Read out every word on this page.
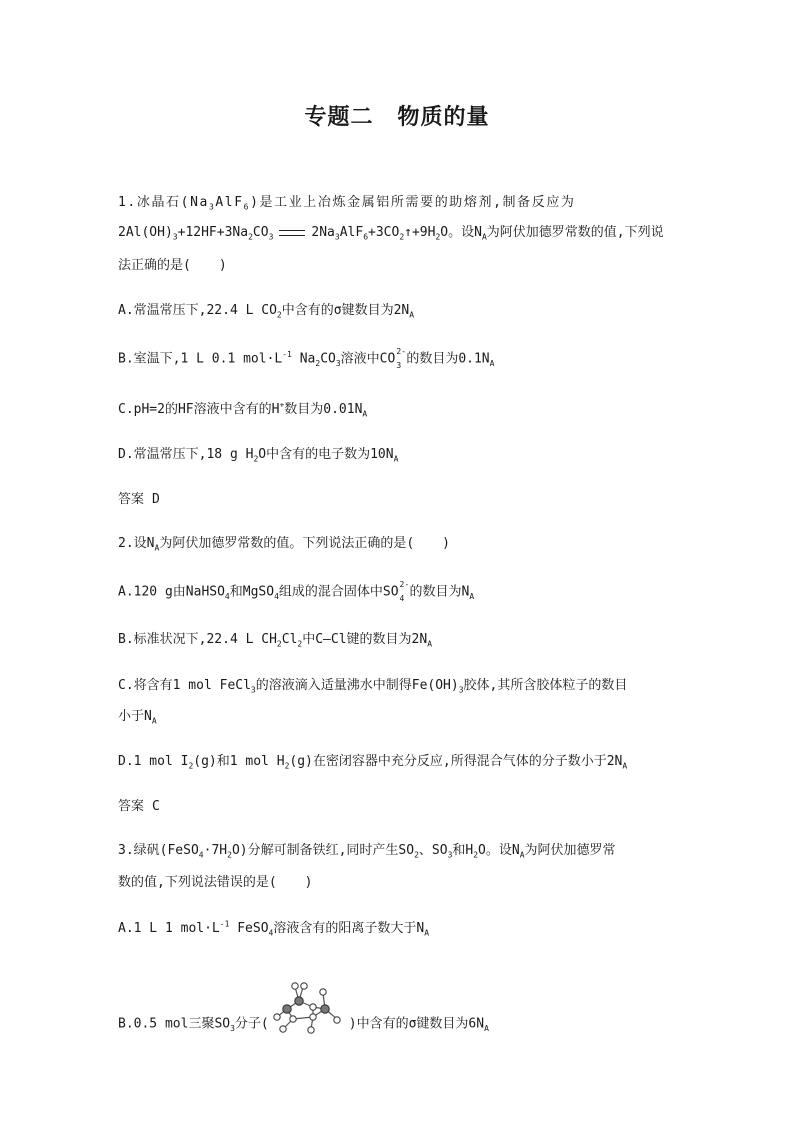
专题二 物质的量
1.冰晶石$(Na_3AlF_6)$是工业上冶炼金属铝所需要的助熔剂,制备反应为
$2Al(OH)_3+12HF+3Na_2CO_3$	$2Na_3AlF_6+3CO_2↑+9H_2O$。设$N_A$为阿伏加德罗常数的值,下列说
法正确的是( )
A.常温常压下,22.4 L $CO_2$中含有的σ键数目为$2N_A$
B.室温下,1 L 0.1 $mol\cdot L^{-1}$ $Na_2CO_3$溶液中CO 2-
3 的数目为$0.1N_A$
C.pH=2的HF溶液中含有的H+数目为$0.01N_A$
D.常温常压下,18 g $H_2O$中含有的电子数为$10N_A$
答案 D
2.设$N_A$为阿伏加德罗常数的值。下列说法正确的是( )
A.120 g由NaHSO$_4$和MgSO$_4$组成的混合固体中SO 2-
4 的数目为$N_A$
B.标准状况下,22.4 L $CH_2Cl_2$中C—Cl键的数目为$2N_A$
C.将含有1 mol FeCl$_3$的溶液滴入适量沸水中制得$Fe(OH)_3$胶体,其所含胶体粒子的数目
小于$N_A$
D.1 mol $I_2(g)$和1 mol $H_2(g)$在密闭容器中充分反应,所得混合气体的分子数小于$2N_A$
答案 C
3.绿矾$(FeSO_4\cdot 7H_2O)$分解可制备铁红,同时产生$SO_2$、$SO_3$和$H_2O$。设$N_A$为阿伏加德罗常
数的值,下列说法错误的是( )
A.1 L 1 $mol\cdot L^{-1}$ FeSO$_4$溶液含有的阳离子数大于$N_A$
B.0.5 mol三聚$SO_3$分子(	)中含有的σ键数目为$6N_A$
